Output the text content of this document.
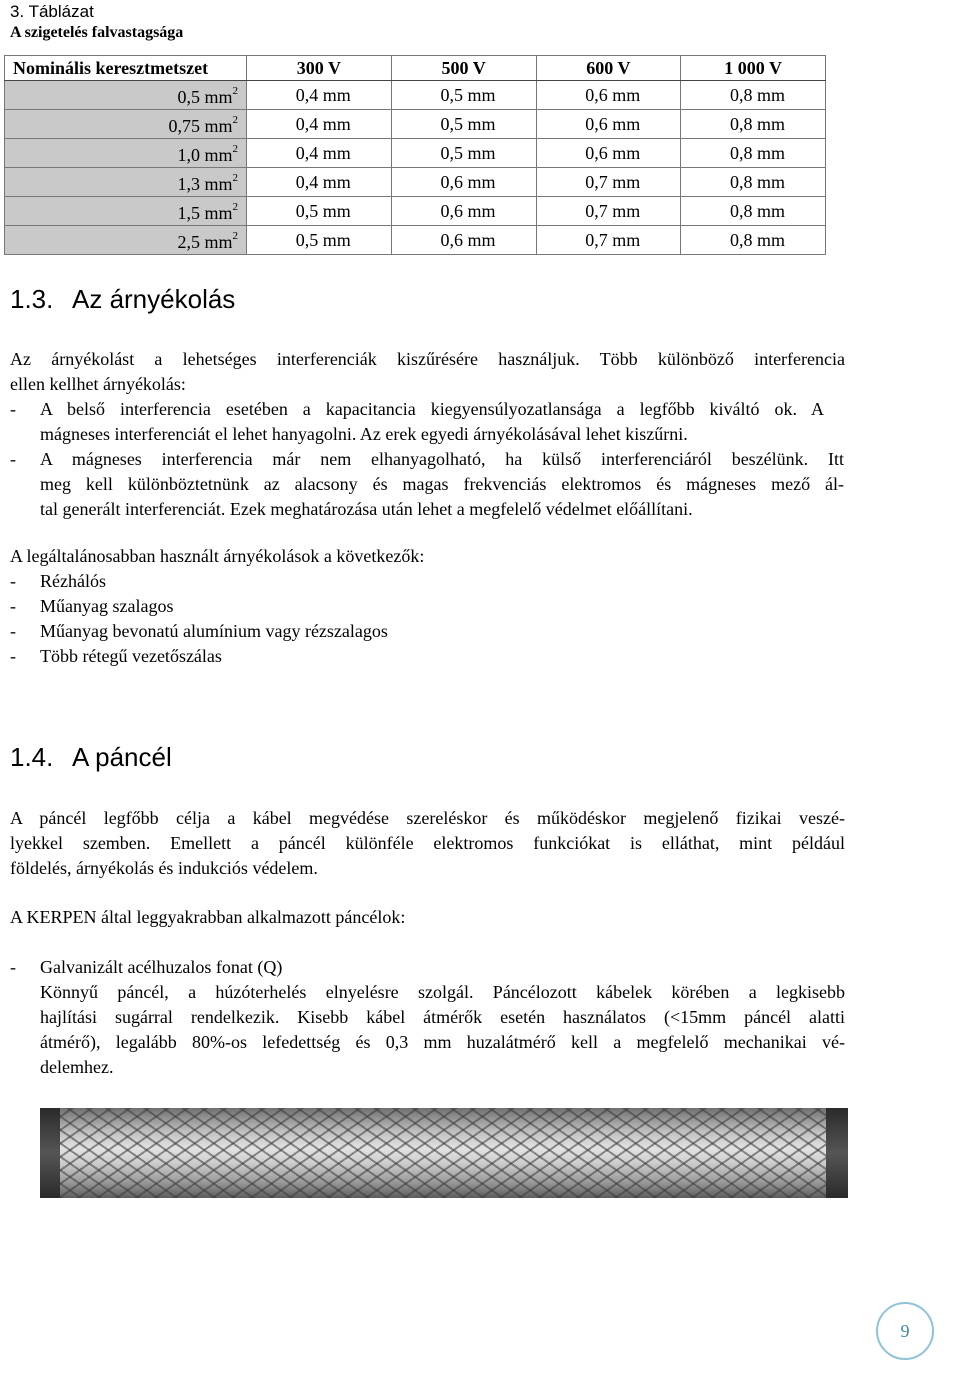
3. Táblázat
A szigetelés falvastagsága
Nominális keresztmetszet	300 V	500 V	600 V	1 000 V
0,5 $mm^2$	0,4 mm	0,5 mm	0,6 mm	0,8 mm
0,75 $mm^2$	0,4 mm	0,5 mm	0,6 mm	0,8 mm
1,0 $mm^2$	0,4 mm	0,5 mm	0,6 mm	0,8 mm
1,3 $mm^2$	0,4 mm	0,6 mm	0,7 mm	0,8 mm
1,5 $mm^2$	0,5 mm	0,6 mm	0,7 mm	0,8 mm
2,5 $mm^2$	0,5 mm	0,6 mm	0,7 mm	0,8 mm
1.3. Az árnyékolás

Az árnyékolást a lehetséges interferenciák kiszűrésére használjuk. Több különböző interferencia
ellen kellhet árnyékolás:

- A belső interferencia esetében a kapacitancia kiegyensúlyozatlansága a legfőbb kiváltó ok. A
mágneses interferenciát el lehet hanyagolni. Az erek egyedi árnyékolásával lehet kiszűrni.

- A mágneses interferencia már nem elhanyagolható, ha külső interferenciáról beszélünk. Itt
meg kell különböztetnünk az alacsony és magas frekvenciás elektromos és mágneses mező ál-
tal generált interferenciát. Ezek meghatározása után lehet a megfelelő védelmet előállítani.

A legáltalánosabban használt árnyékolások a következők:

- Rézhálós
- Műanyag szalagos
- Műanyag bevonatú alumínium vagy rézszalagos
- Több rétegű vezetőszálas
1.4. A páncél

A páncél legfőbb célja a kábel megvédése szereléskor és működéskor megjelenő fizikai veszé-
lyekkel szemben. Emellett a páncél különféle elektromos funkciókat is elláthat, mint például
földelés, árnyékolás és indukciós védelem.

A KERPEN által leggyakrabban alkalmazott páncélok:

- Galvanizált acélhuzalos fonat (Q)
Könnyű páncél, a húzóterhelés elnyelésre szolgál. Páncélozott kábelek körében a legkisebb
hajlítási sugárral rendelkezik. Kisebb kábel átmérők esetén használatos (<15mm páncél alatti
átmérő), legalább 80%-os lefedettség és 0,3 mm huzalátmérő kell a megfelelő mechanikai vé-
delemhez.

9
